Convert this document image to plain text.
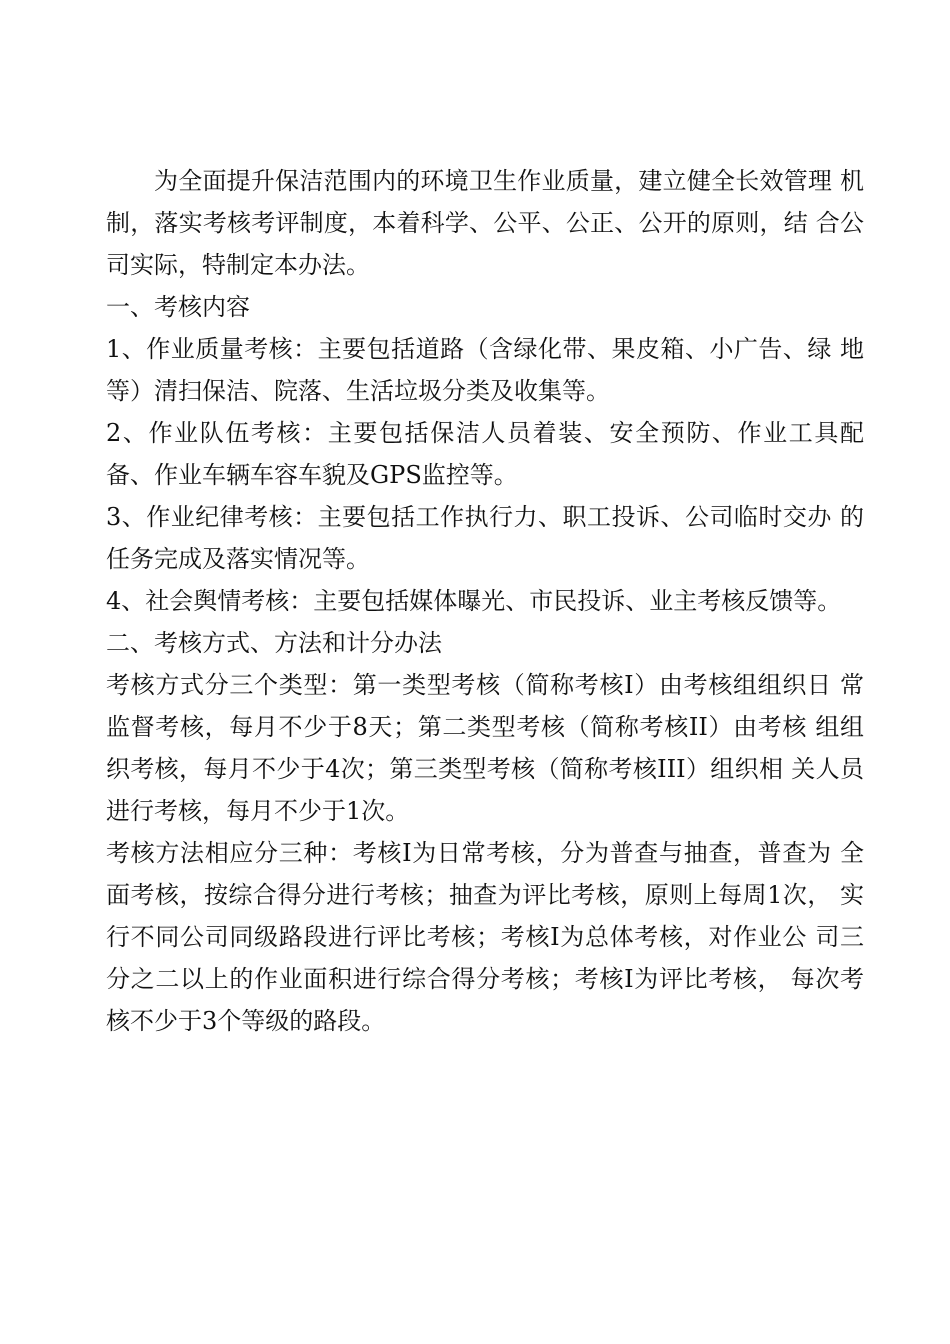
为全面提升保洁范围内的环境卫生作业质量，建立健全长效管理 机制，落实考核考评制度，本着科学、公平、公正、公开的原则，结 合公司实际，特制定本办法。

一、考核内容

1、作业质量考核：主要包括道路（含绿化带、果皮箱、小广告、绿 地等）清扫保洁、院落、生活垃圾分类及收集等。

2、作业队伍考核：主要包括保洁人员着装、安全预防、作业工具配备、作业车辆车容车貌及GPS监控等。

3、作业纪律考核：主要包括工作执行力、职工投诉、公司临时交办 的任务完成及落实情况等。

4、社会舆情考核：主要包括媒体曝光、市民投诉、业主考核反馈等。

二、考核方式、方法和计分办法

考核方式分三个类型：第一类型考核（简称考核I）由考核组组织日 常监督考核，每月不少于8天；第二类型考核（简称考核II）由考核 组组织考核，每月不少于4次；第三类型考核（简称考核III）组织相 关人员进行考核，每月不少于1次。

考核方法相应分三种：考核I为日常考核，分为普查与抽查，普查为 全面考核，按综合得分进行考核；抽查为评比考核，原则上每周1次， 实行不同公司同级路段进行评比考核；考核I为总体考核，对作业公 司三分之二以上的作业面积进行综合得分考核；考核I为评比考核， 每次考核不少于3个等级的路段。
